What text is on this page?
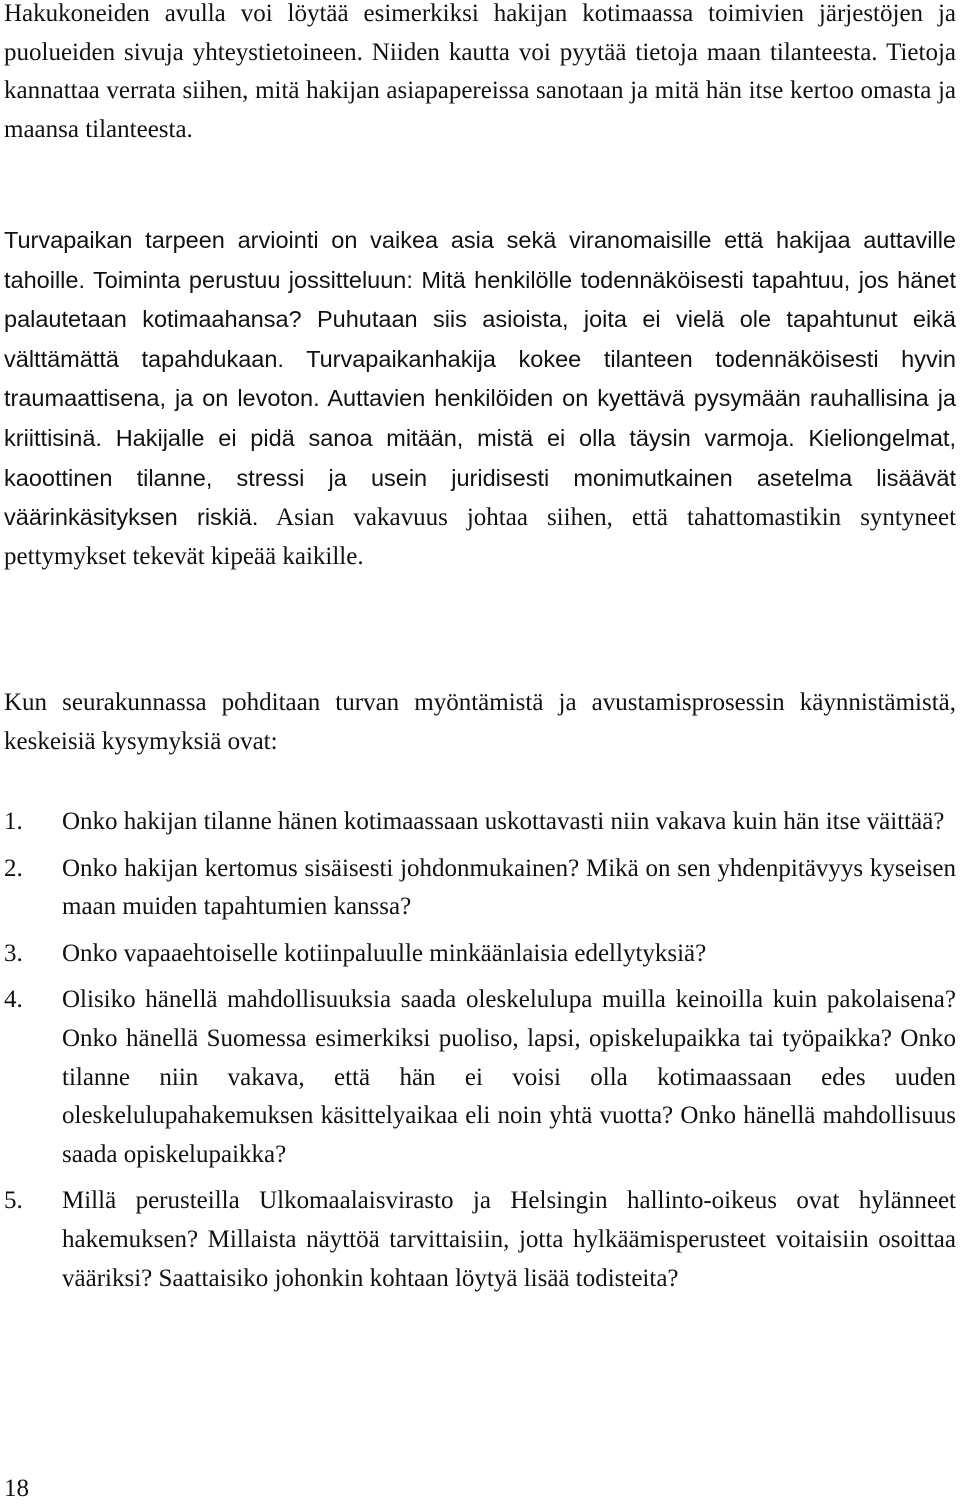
Hakukoneiden avulla voi löytää esimerkiksi hakijan kotimaassa toimivien järjestöjen ja puolueiden sivuja yhteystietoineen. Niiden kautta voi pyytää tietoja maan tilanteesta. Tietoja kannattaa verrata siihen, mitä hakijan asiapapereissa sanotaan ja mitä hän itse kertoo omasta ja maansa tilanteesta.

Turvapaikan tarpeen arviointi on vaikea asia sekä viranomaisille että hakijaa auttaville tahoille. Toiminta perustuu jossitteluun: Mitä henkilölle todennäköisesti tapahtuu, jos hänet palautetaan kotimaahansa? Puhutaan siis asioista, joita ei vielä ole tapahtunut eikä välttämättä tapahdukaan. Turvapaikanhakija kokee tilanteen todennäköisesti hyvin traumaattisena, ja on levoton. Auttavien henkilöiden on kyettävä pysymään rauhallisina ja kriittisinä. Hakijalle ei pidä sanoa mitään, mistä ei olla täysin varmoja. Kieliongelmat, kaoottinen tilanne, stressi ja usein juridisesti monimutkainen asetelma lisäävät väärinkäsityksen riskiä. Asian vakavuus johtaa siihen, että tahattomastikin syntyneet pettymykset tekevät kipeää kaikille.

Kun seurakunnassa pohditaan turvan myöntämistä ja avustamisprosessin käynnistämistä, keskeisiä kysymyksiä ovat:

1. Onko hakijan tilanne hänen kotimaassaan uskottavasti niin vakava kuin hän itse väittää?
2. Onko hakijan kertomus sisäisesti johdonmukainen? Mikä on sen yhdenpitävyys kyseisen maan muiden tapahtumien kanssa?
3. Onko vapaaehtoiselle kotiinpaluulle minkäänlaisia edellytyksiä?
4. Olisiko hänellä mahdollisuuksia saada oleskelulupa muilla keinoilla kuin pakolaisena? Onko hänellä Suomessa esimerkiksi puoliso, lapsi, opiskelupaikka tai työpaikka? Onko tilanne niin vakava, että hän ei voisi olla kotimaassaan edes uuden oleskelulupahakemuksen käsittelyaikaa eli noin yhtä vuotta? Onko hänellä mahdollisuus saada opiskelupaikka?
5. Millä perusteilla Ulkomaalaisvirasto ja Helsingin hallinto-oikeus ovat hylänneet hakemuksen? Millaista näyttöä tarvittaisiin, jotta hylkäämisperusteet voitaisiin osoittaa vääriksi? Saattaisiko johonkin kohtaan löytyä lisää todisteita?
18
